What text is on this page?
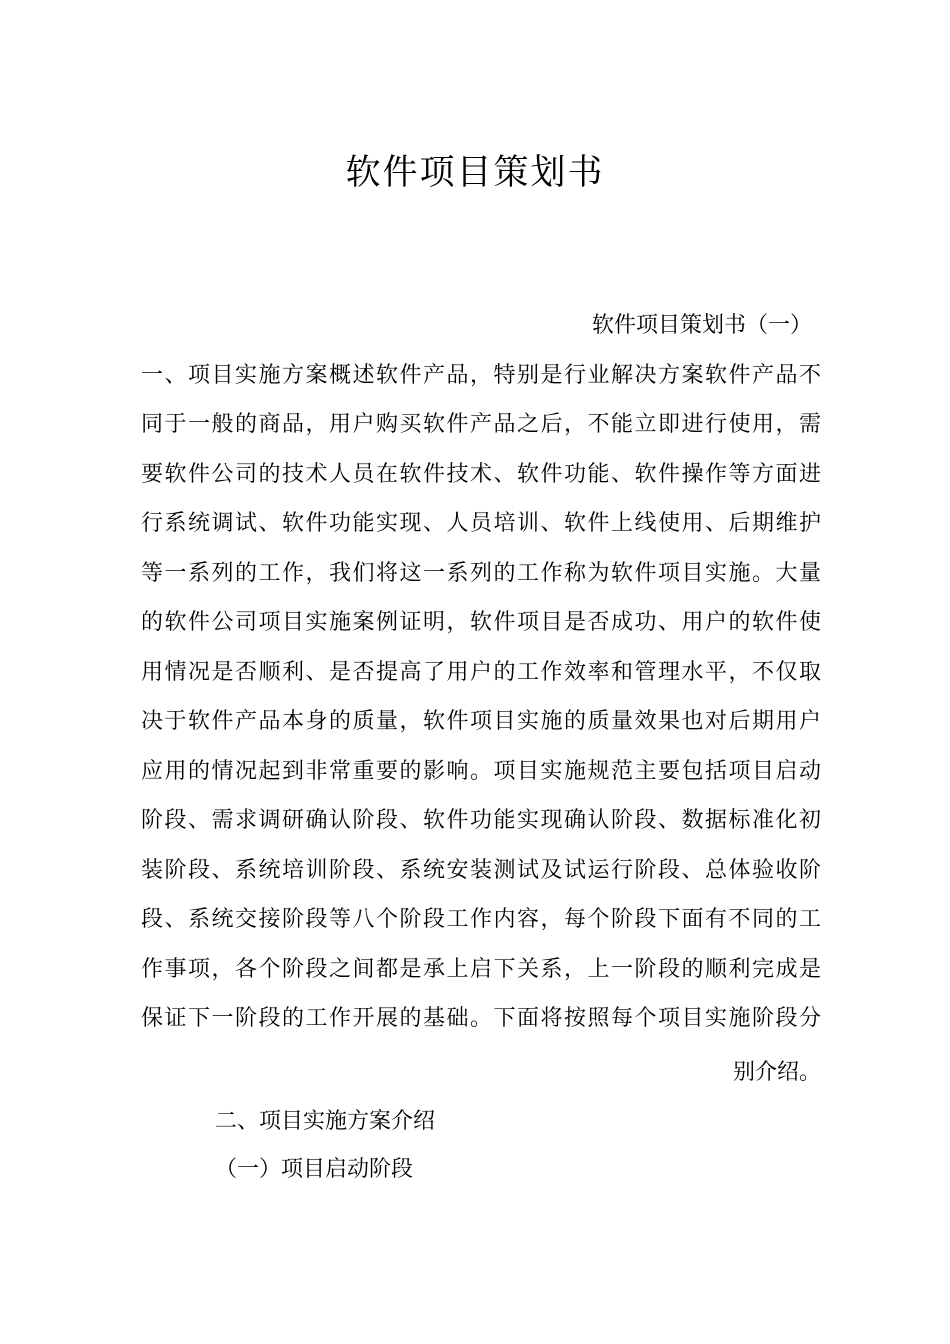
软件项目策划书

软件项目策划书（一）

一、项目实施方案概述软件产品，特别是行业解决方案软件产品不

同于一般的商品，用户购买软件产品之后，不能立即进行使用，需

要软件公司的技术人员在软件技术、软件功能、软件操作等方面进

行系统调试、软件功能实现、人员培训、软件上线使用、后期维护

等一系列的工作，我们将这一系列的工作称为软件项目实施。大量

的软件公司项目实施案例证明，软件项目是否成功、用户的软件使

用情况是否顺利、是否提高了用户的工作效率和管理水平，不仅取

决于软件产品本身的质量，软件项目实施的质量效果也对后期用户

应用的情况起到非常重要的影响。项目实施规范主要包括项目启动

阶段、需求调研确认阶段、软件功能实现确认阶段、数据标准化初

装阶段、系统培训阶段、系统安装测试及试运行阶段、总体验收阶

段、系统交接阶段等八个阶段工作内容，每个阶段下面有不同的工

作事项，各个阶段之间都是承上启下关系，上一阶段的顺利完成是

保证下一阶段的工作开展的基础。下面将按照每个项目实施阶段分

别介绍。

二、项目实施方案介绍
（一）项目启动阶段
